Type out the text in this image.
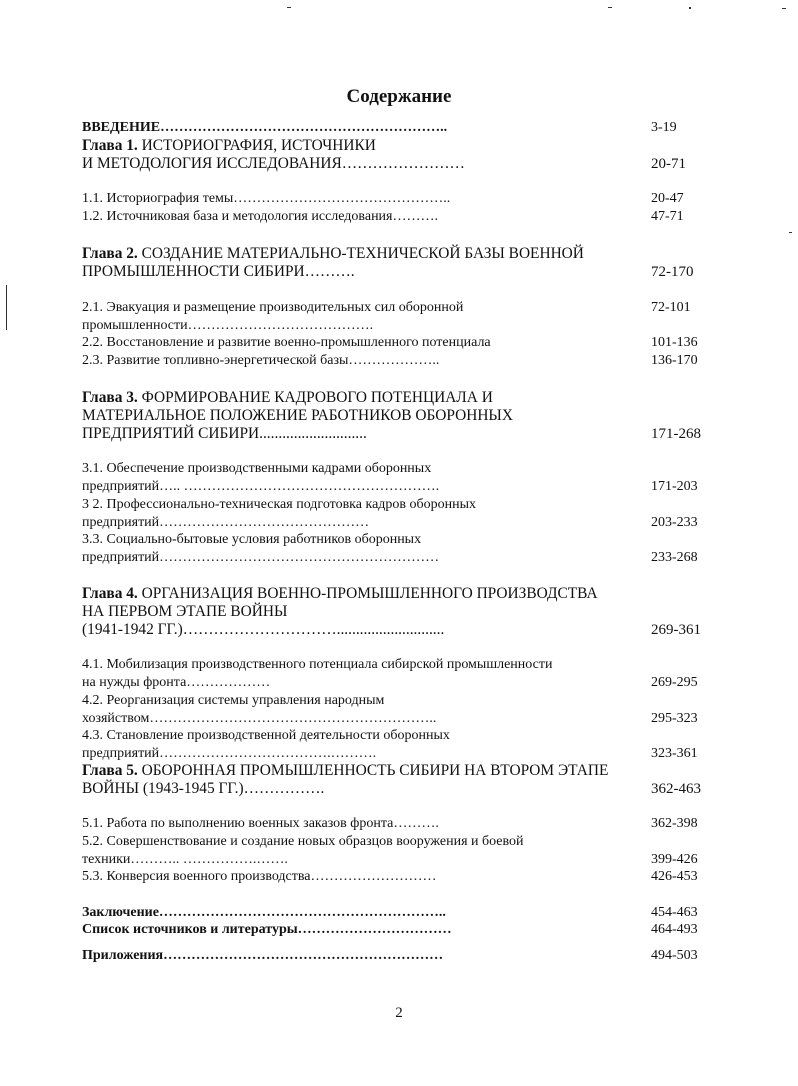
Содержание
ВВЕДЕНИЕ……………………………………………………..	3-19
Глава 1. ИСТОРИОГРАФИЯ, ИСТОЧНИКИ
И МЕТОДОЛОГИЯ ИССЛЕДОВАНИЯ……………………	20-71
1.1. Историография темы………………………………………..	20-47
1.2. Источниковая база и методология исследования……….	47-71
Глава 2. СОЗДАНИЕ МАТЕРИАЛЬНО-ТЕХНИЧЕСКОЙ БАЗЫ ВОЕННОЙ
ПРОМЫШЛЕННОСТИ СИБИРИ……….	72-170
2.1. Эвакуация и размещение производительных сил оборонной	72-101
промышленности………………………………….
2.2. Восстановление и развитие военно-промышленного потенциала	101-136
2.3. Развитие топливно-энергетической базы………………..	136-170
Глава 3. ФОРМИРОВАНИЕ КАДРОВОГО ПОТЕНЦИАЛА И
МАТЕРИАЛЬНОЕ ПОЛОЖЕНИЕ РАБОТНИКОВ ОБОРОННЫХ
ПРЕДПРИЯТИЙ СИБИРИ............................	171-268
3.1. Обеспечение производственными кадрами оборонных
предприятий….. ……………………………………………….	171-203
3 2. Профессионально-техническая подготовка кадров оборонных
предприятий………………………………………	203-233
3.3. Социально-бытовые условия работников оборонных
предприятий……………………………………………………	233-268
Глава 4. ОРГАНИЗАЦИЯ ВОЕННО-ПРОМЫШЛЕННОГО ПРОИЗВОДСТВА
НА ПЕРВОМ ЭТАПЕ ВОЙНЫ
(1941-1942 ГГ.)…………………………............................	269-361
4.1. Мобилизация производственного потенциала сибирской промышленности
на нужды фронта………………	269-295
4.2. Реорганизация системы управления народным
хозяйством……………………………………………………..	295-323
4.3. Становление производственной деятельности оборонных
предприятий……………………………….……….	323-361
Глава 5. ОБОРОННАЯ ПРОМЫШЛЕННОСТЬ СИБИРИ НА ВТОРОМ ЭТАПЕ
ВОЙНЫ (1943-1945 ГГ.)…………….	362-463
5.1. Работа по выполнению военных заказов фронта……….	362-398
5.2. Совершенствование и создание новых образцов вооружения и боевой
техники……….. …………….…….	399-426
5.3. Конверсия военного производства………………………	426-453
Заключение……………………………………………………..	454-463
Список источников и литературы……………………………	464-493
Приложения……………………………………………………	494-503
2
